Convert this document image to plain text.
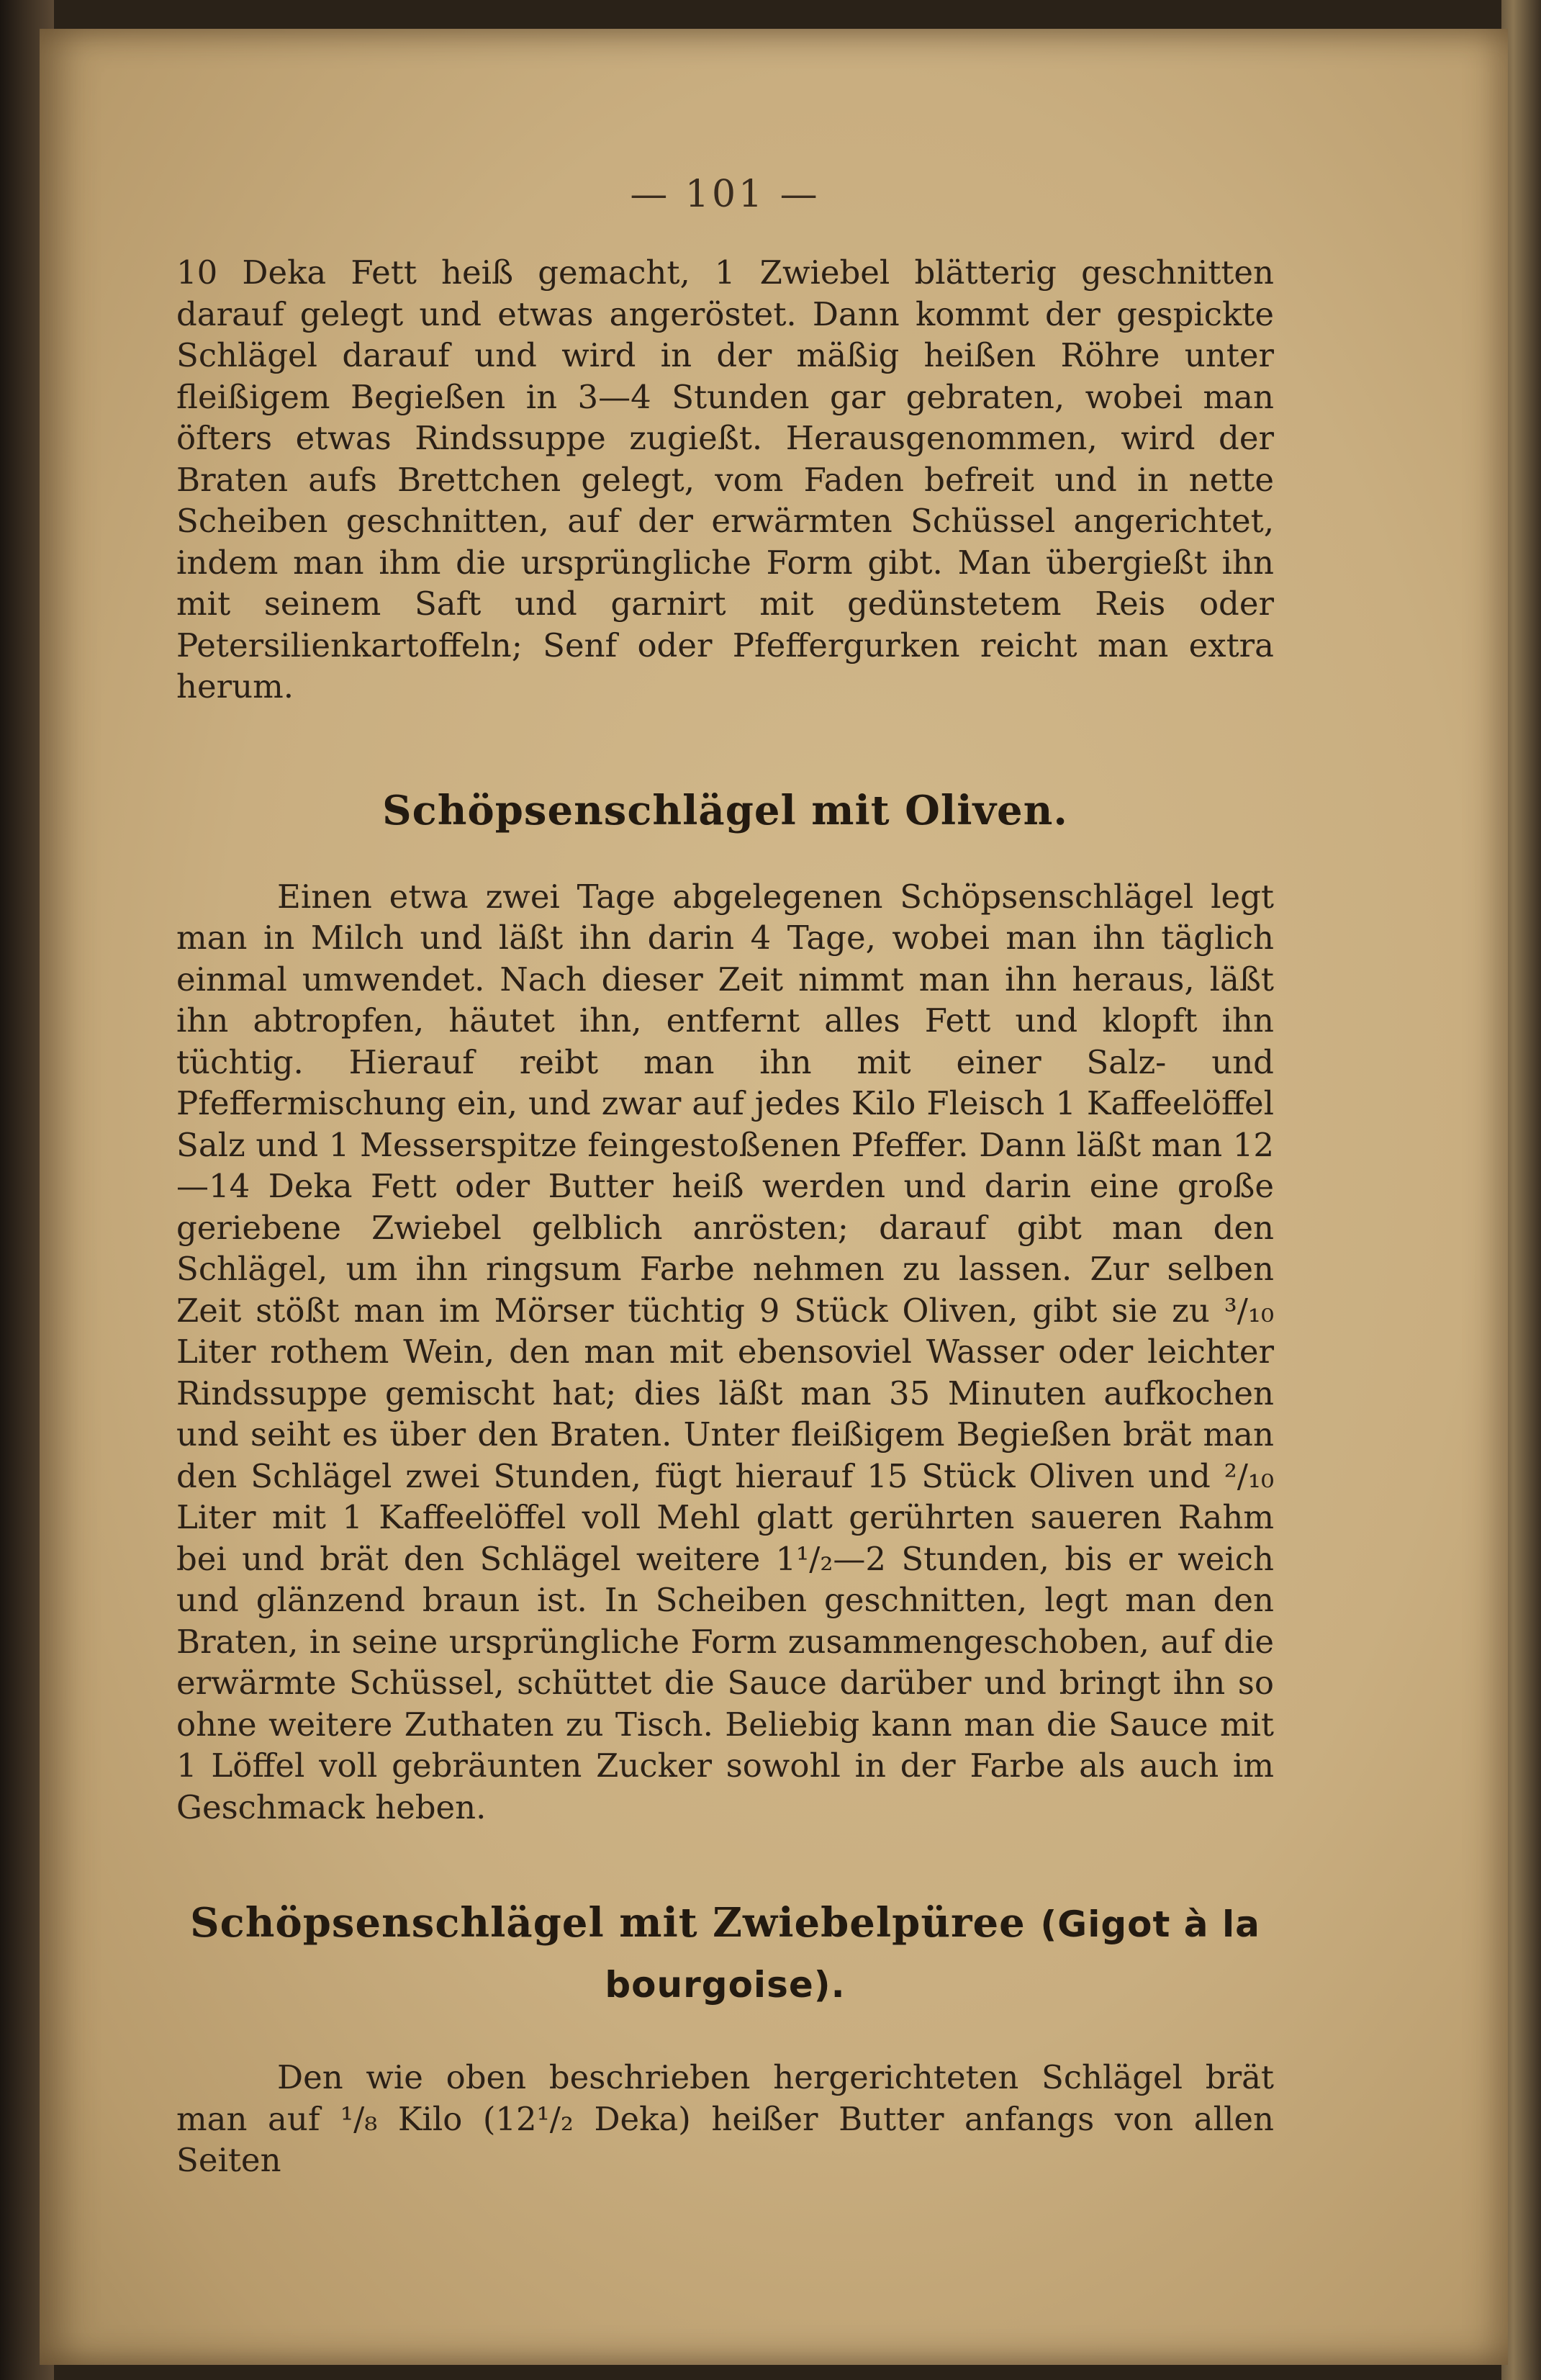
— 101 —

10 Deka Fett heiß gemacht, 1 Zwiebel blätterig geschnitten darauf gelegt und etwas angeröstet. Dann kommt der gespickte Schlägel darauf und wird in der mäßig heißen Röhre unter fleißigem Begießen in 3—4 Stunden gar gebraten, wobei man öfters etwas Rindssuppe zugießt. Herausgenommen, wird der Braten aufs Brettchen gelegt, vom Faden befreit und in nette Scheiben geschnitten, auf der erwärmten Schüssel angerichtet, indem man ihm die ursprüngliche Form gibt. Man übergießt ihn mit seinem Saft und garnirt mit gedünstetem Reis oder Petersilienkartoffeln; Senf oder Pfeffergurken reicht man extra herum.

Schöpsenschlägel mit Oliven.

Einen etwa zwei Tage abgelegenen Schöpsenschlägel legt man in Milch und läßt ihn darin 4 Tage, wobei man ihn täglich einmal umwendet. Nach dieser Zeit nimmt man ihn heraus, läßt ihn abtropfen, häutet ihn, entfernt alles Fett und klopft ihn tüchtig. Hierauf reibt man ihn mit einer Salz- und Pfeffermischung ein, und zwar auf jedes Kilo Fleisch 1 Kaffeelöffel Salz und 1 Messerspitze feingestoßenen Pfeffer. Dann läßt man 12—14 Deka Fett oder Butter heiß werden und darin eine große geriebene Zwiebel gelblich anrösten; darauf gibt man den Schlägel, um ihn ringsum Farbe nehmen zu lassen. Zur selben Zeit stößt man im Mörser tüchtig 9 Stück Oliven, gibt sie zu ³/₁₀ Liter rothem Wein, den man mit ebensoviel Wasser oder leichter Rindssuppe gemischt hat; dies läßt man 35 Minuten aufkochen und seiht es über den Braten. Unter fleißigem Begießen brät man den Schlägel zwei Stunden, fügt hierauf 15 Stück Oliven und ²/₁₀ Liter mit 1 Kaffeelöffel voll Mehl glatt gerührten saueren Rahm bei und brät den Schlägel weitere 1¹/₂—2 Stunden, bis er weich und glänzend braun ist. In Scheiben geschnitten, legt man den Braten, in seine ursprüngliche Form zusammengeschoben, auf die erwärmte Schüssel, schüttet die Sauce darüber und bringt ihn so ohne weitere Zuthaten zu Tisch. Beliebig kann man die Sauce mit 1 Löffel voll gebräunten Zucker sowohl in der Farbe als auch im Geschmack heben.

Schöpsenschlägel mit Zwiebelpüree (Gigot à la
bourgoise).

Den wie oben beschrieben hergerichteten Schlägel brät man auf ¹/₈ Kilo (12¹/₂ Deka) heißer Butter anfangs von allen Seiten
